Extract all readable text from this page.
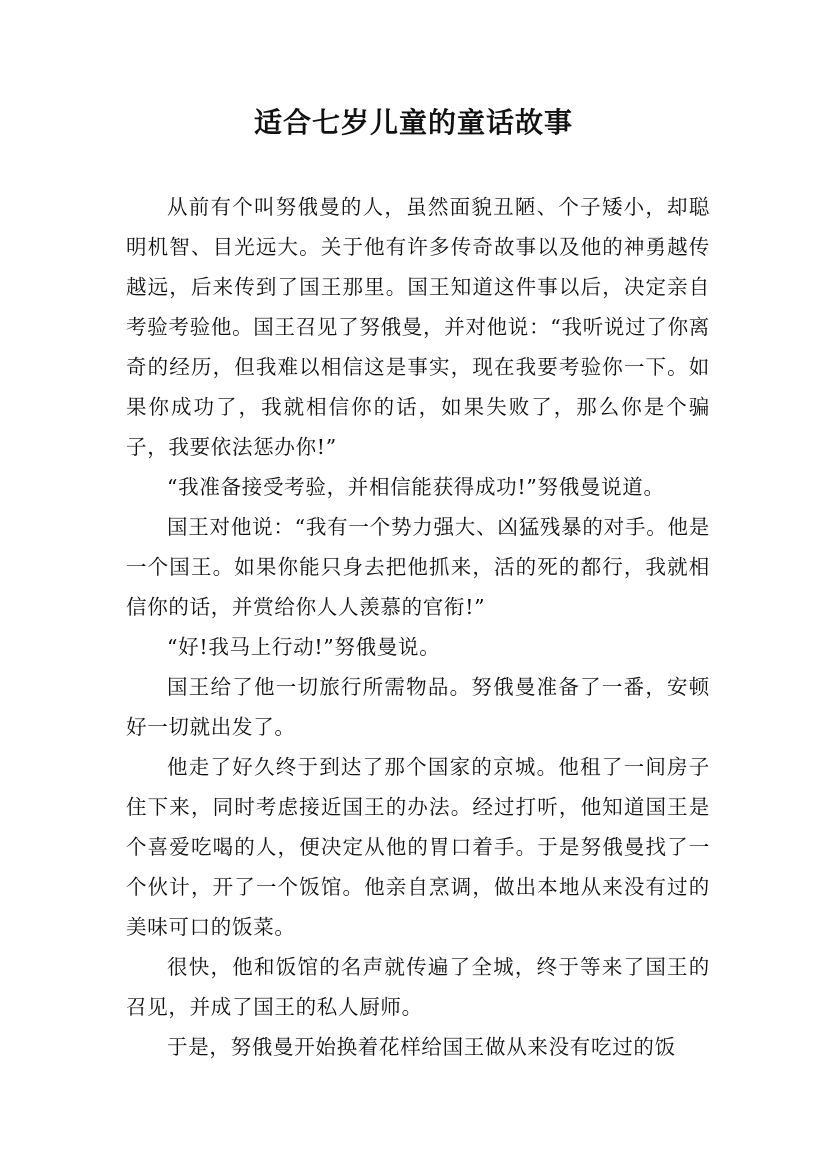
适合七岁儿童的童话故事

从前有个叫努俄曼的人，虽然面貌丑陋、个子矮小，却聪明机智、目光远大。关于他有许多传奇故事以及他的神勇越传越远，后来传到了国王那里。国王知道这件事以后，决定亲自考验考验他。国王召见了努俄曼，并对他说：“我听说过了你离奇的经历，但我难以相信这是事实，现在我要考验你一下。如果你成功了，我就相信你的话，如果失败了，那么你是个骗子，我要依法惩办你!”

“我准备接受考验，并相信能获得成功!”努俄曼说道。

国王对他说：“我有一个势力强大、凶猛残暴的对手。他是一个国王。如果你能只身去把他抓来，活的死的都行，我就相信你的话，并赏给你人人羡慕的官衔!”

“好!我马上行动!”努俄曼说。

国王给了他一切旅行所需物品。努俄曼准备了一番，安顿好一切就出发了。

他走了好久终于到达了那个国家的京城。他租了一间房子住下来，同时考虑接近国王的办法。经过打听，他知道国王是个喜爱吃喝的人，便决定从他的胃口着手。于是努俄曼找了一个伙计，开了一个饭馆。他亲自烹调，做出本地从来没有过的美味可口的饭菜。

很快，他和饭馆的名声就传遍了全城，终于等来了国王的召见，并成了国王的私人厨师。

于是，努俄曼开始换着花样给国王做从来没有吃过的饭
